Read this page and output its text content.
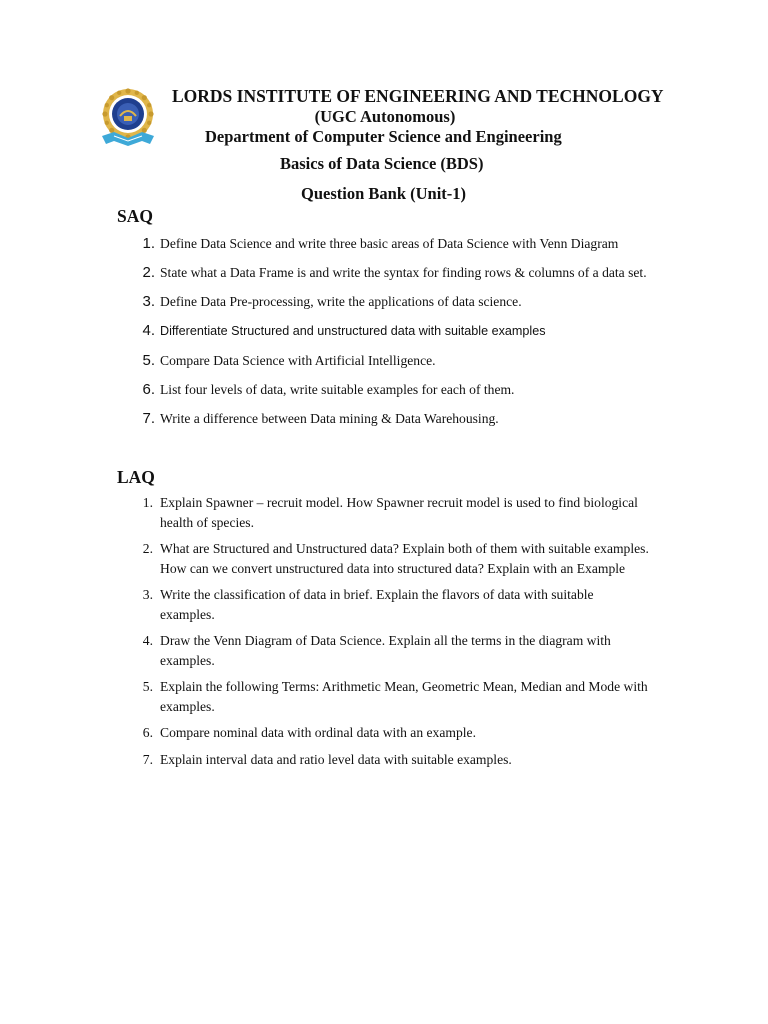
LORDS INSTITUTE OF ENGINEERING AND TECHNOLOGY
(UGC Autonomous)
Department of Computer Science and Engineering
Basics of Data Science (BDS)
Question Bank (Unit-1)
SAQ
1. Define Data Science and write three basic areas of Data Science with Venn Diagram
2. State what a Data Frame is and write the syntax for finding rows & columns of a data set.
3. Define Data Pre-processing, write the applications of data science.
4. Differentiate Structured and unstructured data with suitable examples
5. Compare Data Science with Artificial Intelligence.
6. List four levels of data, write suitable examples for each of them.
7. Write a difference between Data mining & Data Warehousing.
LAQ
1. Explain Spawner – recruit model. How Spawner recruit model is used to find biological health of species.
2. What are Structured and Unstructured data? Explain both of them with suitable examples. How can we convert unstructured data into structured data? Explain with an Example
3. Write the classification of data in brief. Explain the flavors of data with suitable examples.
4. Draw the Venn Diagram of Data Science. Explain all the terms in the diagram with examples.
5. Explain the following Terms: Arithmetic Mean, Geometric Mean, Median and Mode with examples.
6. Compare nominal data with ordinal data with an example.
7. Explain interval data and ratio level data with suitable examples.
